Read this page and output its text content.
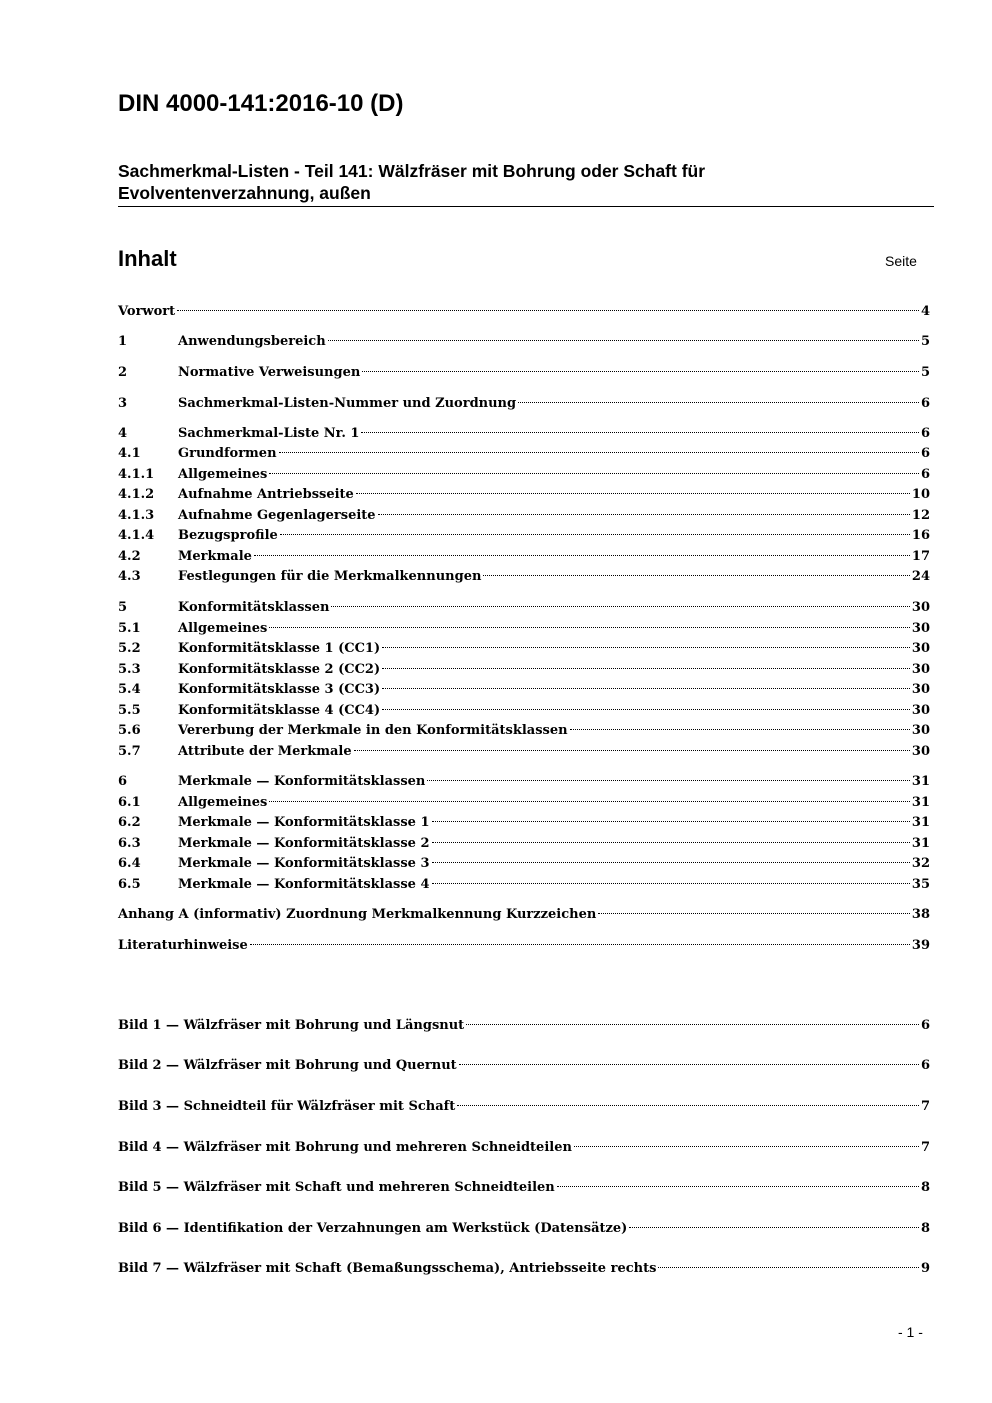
DIN 4000-141:2016-10 (D)
Sachmerkmal-Listen - Teil 141: Wälzfräser mit Bohrung oder Schaft für
Evolventenverzahnung, außen
Inhalt	Seite
Vorwort	4
1	Anwendungsbereich	5
2	Normative Verweisungen	5
3	Sachmerkmal-Listen-Nummer und Zuordnung	6
4	Sachmerkmal-Liste Nr. 1	6
4.1	Grundformen	6
4.1.1	Allgemeines	6
4.1.2	Aufnahme Antriebsseite	10
4.1.3	Aufnahme Gegenlagerseite	12
4.1.4	Bezugsprofile	16
4.2	Merkmale	17
4.3	Festlegungen für die Merkmalkennungen	24
5	Konformitätsklassen	30
5.1	Allgemeines	30
5.2	Konformitätsklasse 1 (CC1)	30
5.3	Konformitätsklasse 2 (CC2)	30
5.4	Konformitätsklasse 3 (CC3)	30
5.5	Konformitätsklasse 4 (CC4)	30
5.6	Vererbung der Merkmale in den Konformitätsklassen	30
5.7	Attribute der Merkmale	30
6	Merkmale — Konformitätsklassen	31
6.1	Allgemeines	31
6.2	Merkmale — Konformitätsklasse 1	31
6.3	Merkmale — Konformitätsklasse 2	31
6.4	Merkmale — Konformitätsklasse 3	32
6.5	Merkmale — Konformitätsklasse 4	35
Anhang A (informativ) Zuordnung Merkmalkennung Kurzzeichen	38
Literaturhinweise	39
Bild 1 — Wälzfräser mit Bohrung und Längsnut	6
Bild 2 — Wälzfräser mit Bohrung und Quernut	6
Bild 3 — Schneidteil für Wälzfräser mit Schaft	7
Bild 4 — Wälzfräser mit Bohrung und mehreren Schneidteilen	7
Bild 5 — Wälzfräser mit Schaft und mehreren Schneidteilen	8
Bild 6 — Identifikation der Verzahnungen am Werkstück (Datensätze)	8
Bild 7 — Wälzfräser mit Schaft (Bemaßungsschema), Antriebsseite rechts	9
- 1 -
